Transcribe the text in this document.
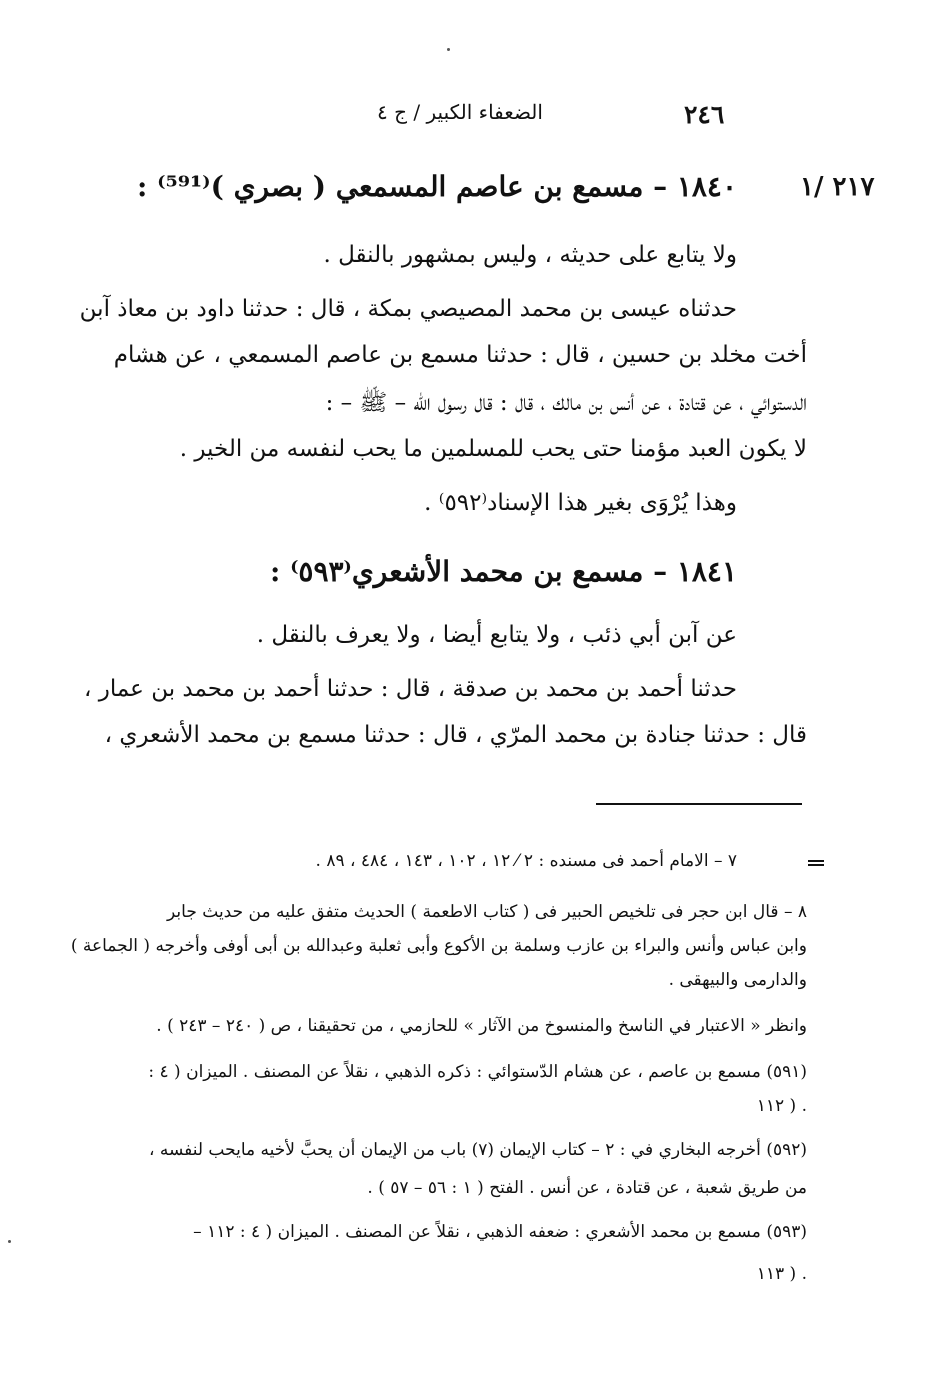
٢٤٦
الضعفاء الكبير / ج ٤
٢١٧ /١
١٨٤٠ – مسمع بن عاصم المسمعي ( بصري )⁽⁵⁹¹⁾ :
ولا يتابع على حديثه ، وليس بمشهور بالنقل .
حدثناه عيسى بن محمد المصيصي بمكة ، قال : حدثنا داود بن معاذ آبن
أخت مخلد بن حسين ، قال : حدثنا مسمع بن عاصم المسمعي ، عن هشام
الدستوائي ، عن قتادة ، عن أنس بن مالك ، قال : قال رسول الله – ﷺ – :
لا يكون العبد مؤمنا حتى يحب للمسلمين ما يحب لنفسه من الخير .
وهذا يُرْوَى بغير هذا الإسناد⁽٥٩٢⁾ .
١٨٤١ – مسمع بن محمد الأشعري⁽٥٩٣⁾ :
عن آبن أبي ذئب ، ولا يتابع أيضا ، ولا يعرف بالنقل .
حدثنا أحمد بن محمد بن صدقة ، قال : حدثنا أحمد بن محمد بن عمار ،
قال : حدثنا جنادة بن محمد المرّي ، قال : حدثنا مسمع بن محمد الأشعري ،
٧ – الامام أحمد فى مسنده : ٢ ⁄ ١٢ ، ١٠٢ ، ١٤٣ ، ٤٨٤ ، ٨٩ .
٨ – قال ابن حجر فى تلخيص الحبير فى ( كتاب الاطعمة ) الحديث متفق عليه من حديث جابر
وابن عباس وأنس والبراء بن عازب وسلمة بن الأكوع وأبى ثعلبة وعبدالله بن أبى أوفى وأخرجه ( الجماعة )
والدارمى والبيهقى .
وانظر « الاعتبار في الناسخ والمنسوخ من الآثار » للحازمي ، من تحقيقنا ، ص ( ٢٤٠ – ٢٤٣ ) .
(٥٩١) مسمع بن عاصم ، عن هشام الدّستوائي : ذكره الذهبي ، نقلاً عن المصنف . الميزان ( ٤ :
١١٢ ) .
(٥٩٢) أخرجه البخاري في : ٢ – كتاب الإيمان (٧) باب من الإيمان أن يحبَّ لأخيه مايحب لنفسه ،
من طريق شعبة ، عن قتادة ، عن أنس . الفتح ( ١ : ٥٦ – ٥٧ ) .
(٥٩٣) مسمع بن محمد الأشعري : ضعفه الذهبي ، نقلاً عن المصنف . الميزان ( ٤ : ١١٢ –
١١٣ ) .
